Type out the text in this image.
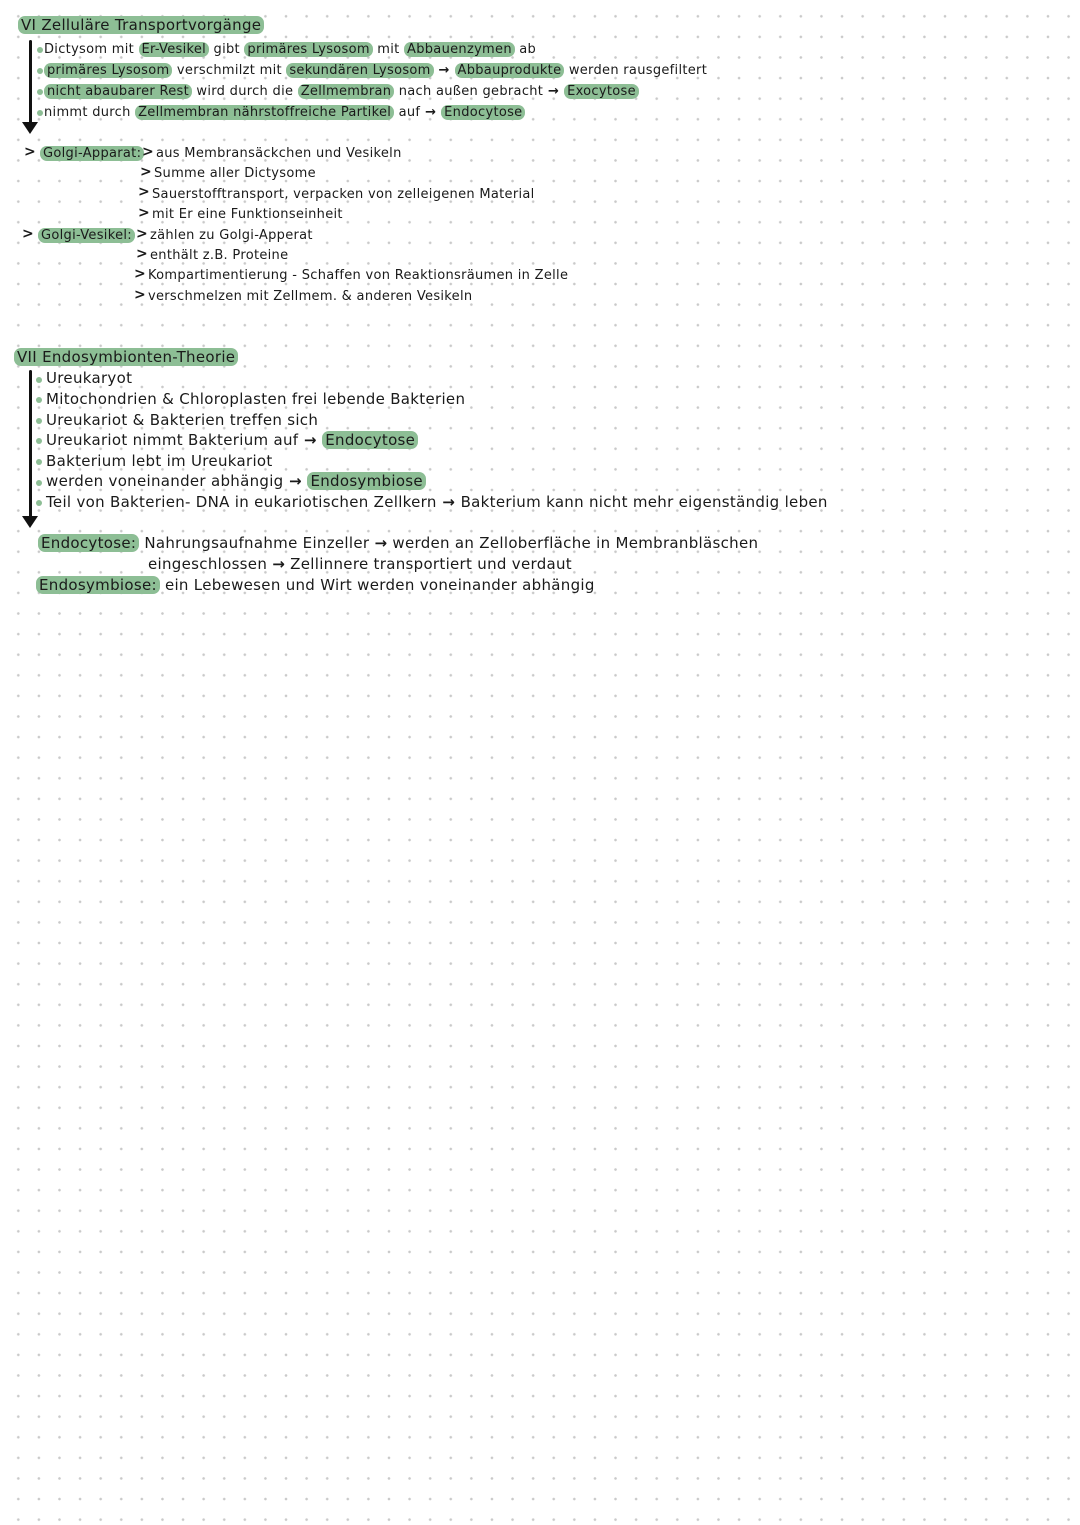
VI Zelluläre Transportvorgänge
Dictysom mit Er-Vesikel gibt primäres Lysosom mit Abbauenzymen ab
primäres Lysosom verschmilzt mit sekundären Lysosom → Abbauprodukte werden rausgefiltert
nicht abaubarer Rest wird durch die Zellmembran nach außen gebracht → Exocytose
nimmt durch Zellmembran nährstoffreiche Partikel auf → Endocytose
> Golgi-Apparat: > aus Membransäckchen und Vesikeln
> Summe aller Dictysome
> Sauerstofftransport, verpacken von zelleigenen Material
> mit Er eine Funktionseinheit
> Golgi-Vesikel: > zählen zu Golgi-Apperat
> enthält z.B. Proteine
> Kompartimentierung - Schaffen von Reaktionsräumen in Zelle
> verschmelzen mit Zellmem. & anderen Vesikeln
VII Endosymbionten-Theorie
Ureukaryot
Mitochondrien & Chloroplasten frei lebende Bakterien
Ureukariot & Bakterien treffen sich
Ureukariot nimmt Bakterium auf → Endocytose
Bakterium lebt im Ureukariot
werden voneinander abhängig → Endosymbiose
Teil von Bakterien- DNA in eukariotischen Zellkern → Bakterium kann nicht mehr eigenständig leben
Endocytose: Nahrungsaufnahme Einzeller → werden an Zelloberfläche in Membranbläschen
eingeschlossen → Zellinnere transportiert und verdaut
Endosymbiose: ein Lebewesen und Wirt werden voneinander abhängig
